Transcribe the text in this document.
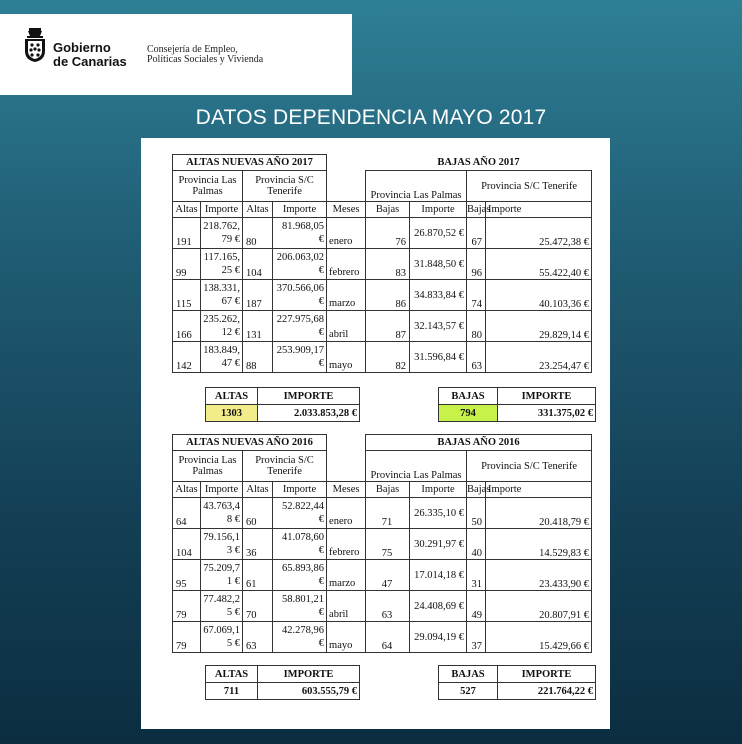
Gobierno
de Canarias
Consejería de Empleo,
Políticas Sociales y Vivienda
DATOS DEPENDENCIA MAYO 2017
ALTAS NUEVAS AÑO 2017					BAJAS AÑO 2017			
Provincia Las Palmas		Provincia S/C Tenerife			Provincia Las Palmas		Provincia S/C Tenerife	
Altas	Importe	Altas	Importe	Meses	Bajas	Importe	Bajas	Importe
191	218.762,79 €	80	81.968,05 €	enero	76	26.870,52 €	67	25.472,38 €
99	117.165,25 €	104	206.063,02 €	febrero	83	31.848,50 €	96	55.422,40 €
115	138.331,67 €	187	370.566,06 €	marzo	86	34.833,84 €	74	40.103,36 €
166	235.262,12 €	131	227.975,68 €	abril	87	32.143,57 €	80	29.829,14 €
142	183.849,47 €	88	253.909,17 €	mayo	82	31.596,84 €	63	23.254,47 €
ALTAS	IMPORTE
1303	2.033.853,28 €
BAJAS	IMPORTE
794	331.375,02 €
ALTAS NUEVAS AÑO 2016					BAJAS AÑO 2016			
Provincia Las Palmas		Provincia S/C Tenerife			Provincia Las Palmas		Provincia S/C Tenerife	
Altas	Importe	Altas	Importe	Meses	Bajas	Importe	Bajas	Importe
64	43.763,48 €	60	52.822,44 €	enero	71	26.335,10 €	50	20.418,79 €
104	79.156,13 €	36	41.078,60 €	febrero	75	30.291,97 €	40	14.529,83 €
95	75.209,71 €	61	65.893,86 €	marzo	47	17.014,18 €	31	23.433,90 €
79	77.482,25 €	70	58.801,21 €	abril	63	24.408,69 €	49	20.807,91 €
79	67.069,15 €	63	42.278,96 €	mayo	64	29.094,19 €	37	15.429,66 €
ALTAS	IMPORTE
711	603.555,79 €
BAJAS	IMPORTE
527	221.764,22 €
